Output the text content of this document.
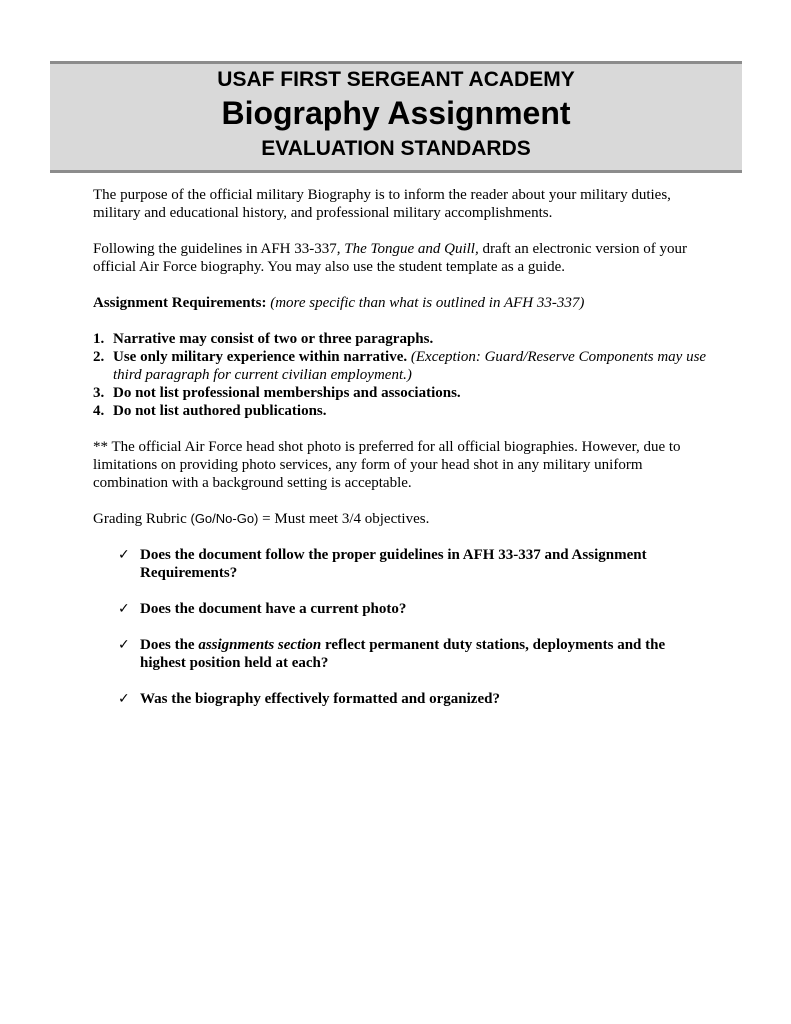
USAF FIRST SERGEANT ACADEMY
Biography Assignment
EVALUATION STANDARDS

The purpose of the official military Biography is to inform the reader about your military duties, military and educational history, and professional military accomplishments.

Following the guidelines in AFH 33-337, The Tongue and Quill, draft an electronic version of your official Air Force biography. You may also use the student template as a guide.

Assignment Requirements: (more specific than what is outlined in AFH 33-337)

1. Narrative may consist of two or three paragraphs.
2. Use only military experience within narrative. (Exception: Guard/Reserve Components may use third paragraph for current civilian employment.)
3. Do not list professional memberships and associations.
4. Do not list authored publications.

** The official Air Force head shot photo is preferred for all official biographies. However, due to limitations on providing photo services, any form of your head shot in any military uniform combination with a background setting is acceptable.

Grading Rubric (Go/No-Go) = Must meet 3/4 objectives.

✓ Does the document follow the proper guidelines in AFH 33-337 and Assignment Requirements?
✓ Does the document have a current photo?
✓ Does the assignments section reflect permanent duty stations, deployments and the highest position held at each?
✓ Was the biography effectively formatted and organized?
